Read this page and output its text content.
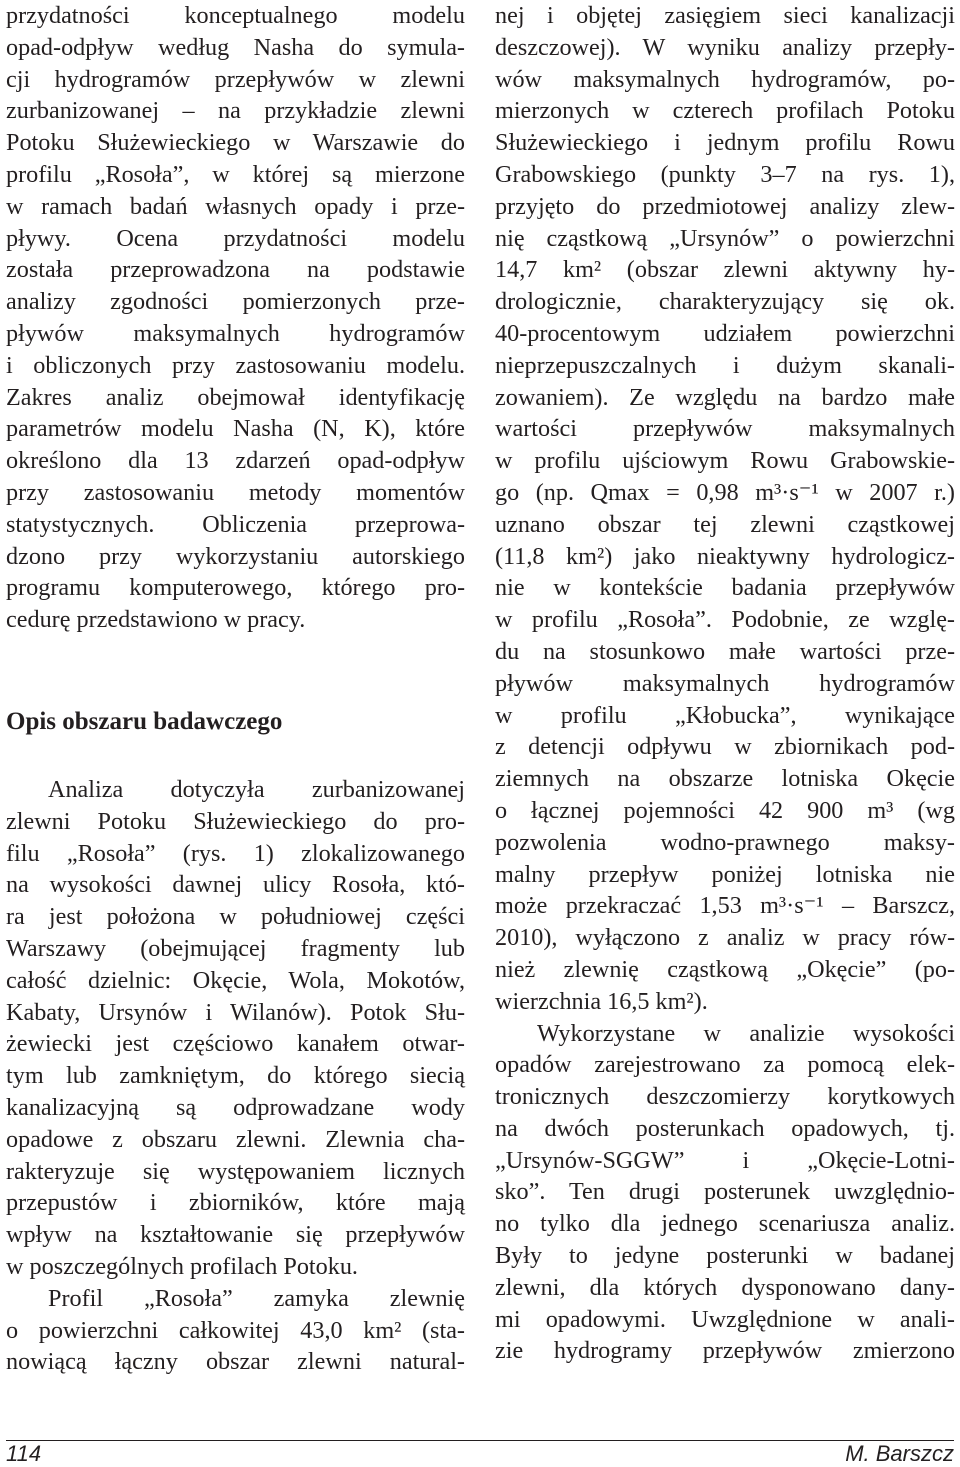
przydatności konceptualnego modelu
opad-odpływ według Nasha do symula-
cji hydrogramów przepływów w zlewni
zurbanizowanej – na przykładzie zlewni
Potoku Służewieckiego w Warszawie do
profilu „Rosoła”, w której są mierzone
w ramach badań własnych opady i prze-
pływy. Ocena przydatności modelu
została przeprowadzona na podstawie
analizy zgodności pomierzonych prze-
pływów maksymalnych hydrogramów
i obliczonych przy zastosowaniu modelu.
Zakres analiz obejmował identyfikację
parametrów modelu Nasha (N, K), które
określono dla 13 zdarzeń opad-odpływ
przy zastosowaniu metody momentów
statystycznych. Obliczenia przeprowa-
dzono przy wykorzystaniu autorskiego
programu komputerowego, którego pro-
cedurę przedstawiono w pracy.
Opis obszaru badawczego
Analiza dotyczyła zurbanizowanej
zlewni Potoku Służewieckiego do pro-
filu „Rosoła” (rys. 1) zlokalizowanego
na wysokości dawnej ulicy Rosoła, któ-
ra jest położona w południowej części
Warszawy (obejmującej fragmenty lub
całość dzielnic: Okęcie, Wola, Mokotów,
Kabaty, Ursynów i Wilanów). Potok Słu-
żewiecki jest częściowo kanałem otwar-
tym lub zamkniętym, do którego siecią
kanalizacyjną są odprowadzane wody
opadowe z obszaru zlewni. Zlewnia cha-
rakteryzuje się występowaniem licznych
przepustów i zbiorników, które mają
wpływ na kształtowanie się przepływów
w poszczególnych profilach Potoku.
Profil „Rosoła” zamyka zlewnię
o powierzchni całkowitej 43,0 km² (sta-
nowiącą łączny obszar zlewni natural-
nej i objętej zasięgiem sieci kanalizacji
deszczowej). W wyniku analizy przepły-
wów maksymalnych hydrogramów, po-
mierzonych w czterech profilach Potoku
Służewieckiego i jednym profilu Rowu
Grabowskiego (punkty 3–7 na rys. 1),
przyjęto do przedmiotowej analizy zlew-
nię cząstkową „Ursynów” o powierzchni
14,7 km² (obszar zlewni aktywny hy-
drologicznie, charakteryzujący się ok.
40-procentowym udziałem powierzchni
nieprzepuszczalnych i dużym skanali-
zowaniem). Ze względu na bardzo małe
wartości przepływów maksymalnych
w profilu ujściowym Rowu Grabowskie-
go (np. Qmax = 0,98 m³·s⁻¹ w 2007 r.)
uznano obszar tej zlewni cząstkowej
(11,8 km²) jako nieaktywny hydrologicz-
nie w kontekście badania przepływów
w profilu „Rosoła”. Podobnie, ze wzglę-
du na stosunkowo małe wartości prze-
pływów maksymalnych hydrogramów
w profilu „Kłobucka”, wynikające
z detencji odpływu w zbiornikach pod-
ziemnych na obszarze lotniska Okęcie
o łącznej pojemności 42 900 m³ (wg
pozwolenia wodno-prawnego maksy-
malny przepływ poniżej lotniska nie
może przekraczać 1,53 m³·s⁻¹ – Barszcz,
2010), wyłączono z analiz w pracy rów-
nież zlewnię cząstkową „Okęcie” (po-
wierzchnia 16,5 km²).
Wykorzystane w analizie wysokości
opadów zarejestrowano za pomocą elek-
tronicznych deszczomierzy korytkowych
na dwóch posterunkach opadowych, tj.
„Ursynów-SGGW” i „Okęcie-Lotni-
sko”. Ten drugi posterunek uwzględnio-
no tylko dla jednego scenariusza analiz.
Były to jedyne posterunki w badanej
zlewni, dla których dysponowano dany-
mi opadowymi. Uwzględnione w anali-
zie hydrogramy przepływów zmierzono
114	M. Barszcz
